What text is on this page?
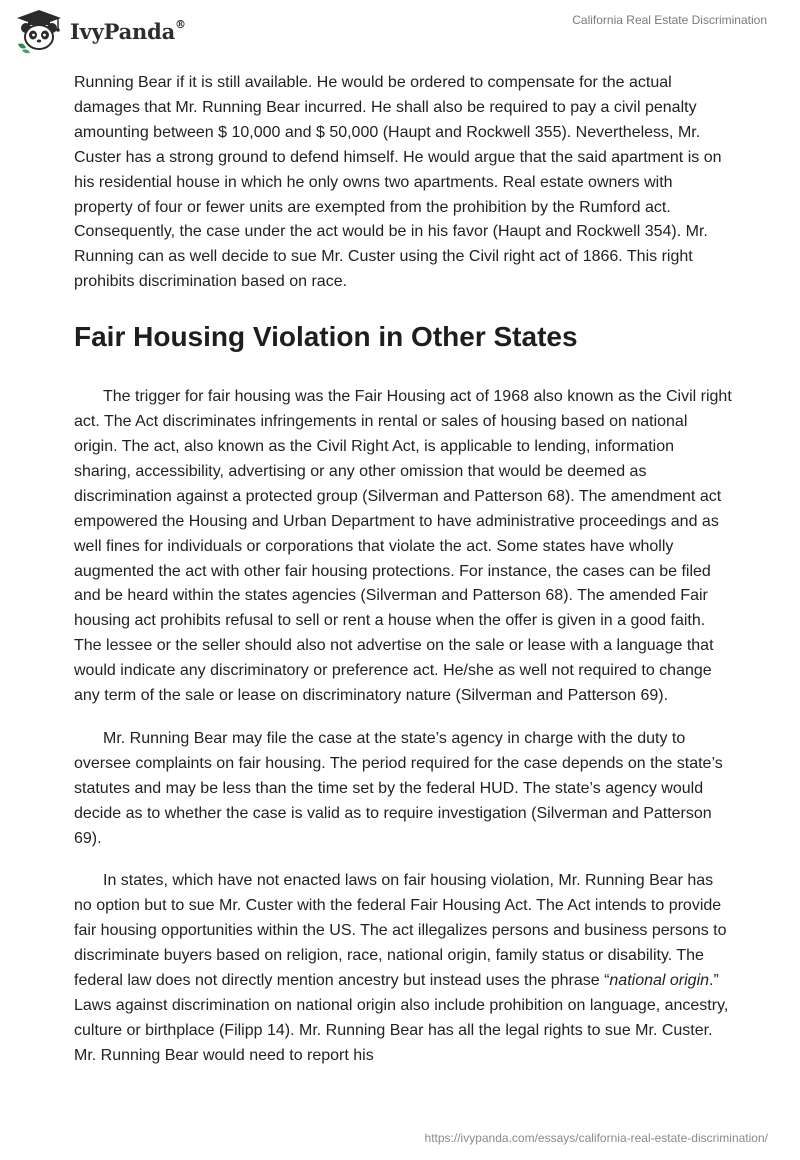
IvyPanda®	California Real Estate Discrimination

Running Bear if it is still available. He would be ordered to compensate for the actual damages that Mr. Running Bear incurred. He shall also be required to pay a civil penalty amounting between $ 10,000 and $ 50,000 (Haupt and Rockwell 355). Nevertheless, Mr. Custer has a strong ground to defend himself. He would argue that the said apartment is on his residential house in which he only owns two apartments. Real estate owners with property of four or fewer units are exempted from the prohibition by the Rumford act. Consequently, the case under the act would be in his favor (Haupt and Rockwell 354). Mr. Running can as well decide to sue Mr. Custer using the Civil right act of 1866. This right prohibits discrimination based on race.

Fair Housing Violation in Other States

The trigger for fair housing was the Fair Housing act of 1968 also known as the Civil right act. The Act discriminates infringements in rental or sales of housing based on national origin. The act, also known as the Civil Right Act, is applicable to lending, information sharing, accessibility, advertising or any other omission that would be deemed as discrimination against a protected group (Silverman and Patterson 68). The amendment act empowered the Housing and Urban Department to have administrative proceedings and as well fines for individuals or corporations that violate the act. Some states have wholly augmented the act with other fair housing protections. For instance, the cases can be filed and be heard within the states agencies (Silverman and Patterson 68). The amended Fair housing act prohibits refusal to sell or rent a house when the offer is given in a good faith. The lessee or the seller should also not advertise on the sale or lease with a language that would indicate any discriminatory or preference act. He/she as well not required to change any term of the sale or lease on discriminatory nature (Silverman and Patterson 69).

Mr. Running Bear may file the case at the state’s agency in charge with the duty to oversee complaints on fair housing. The period required for the case depends on the state’s statutes and may be less than the time set by the federal HUD. The state’s agency would decide as to whether the case is valid as to require investigation (Silverman and Patterson 69).

In states, which have not enacted laws on fair housing violation, Mr. Running Bear has no option but to sue Mr. Custer with the federal Fair Housing Act. The Act intends to provide fair housing opportunities within the US. The act illegalizes persons and business persons to discriminate buyers based on religion, race, national origin, family status or disability. The federal law does not directly mention ancestry but instead uses the phrase “national origin.” Laws against discrimination on national origin also include prohibition on language, ancestry, culture or birthplace (Filipp 14). Mr. Running Bear has all the legal rights to sue Mr. Custer. Mr. Running Bear would need to report his

https://ivypanda.com/essays/california-real-estate-discrimination/
